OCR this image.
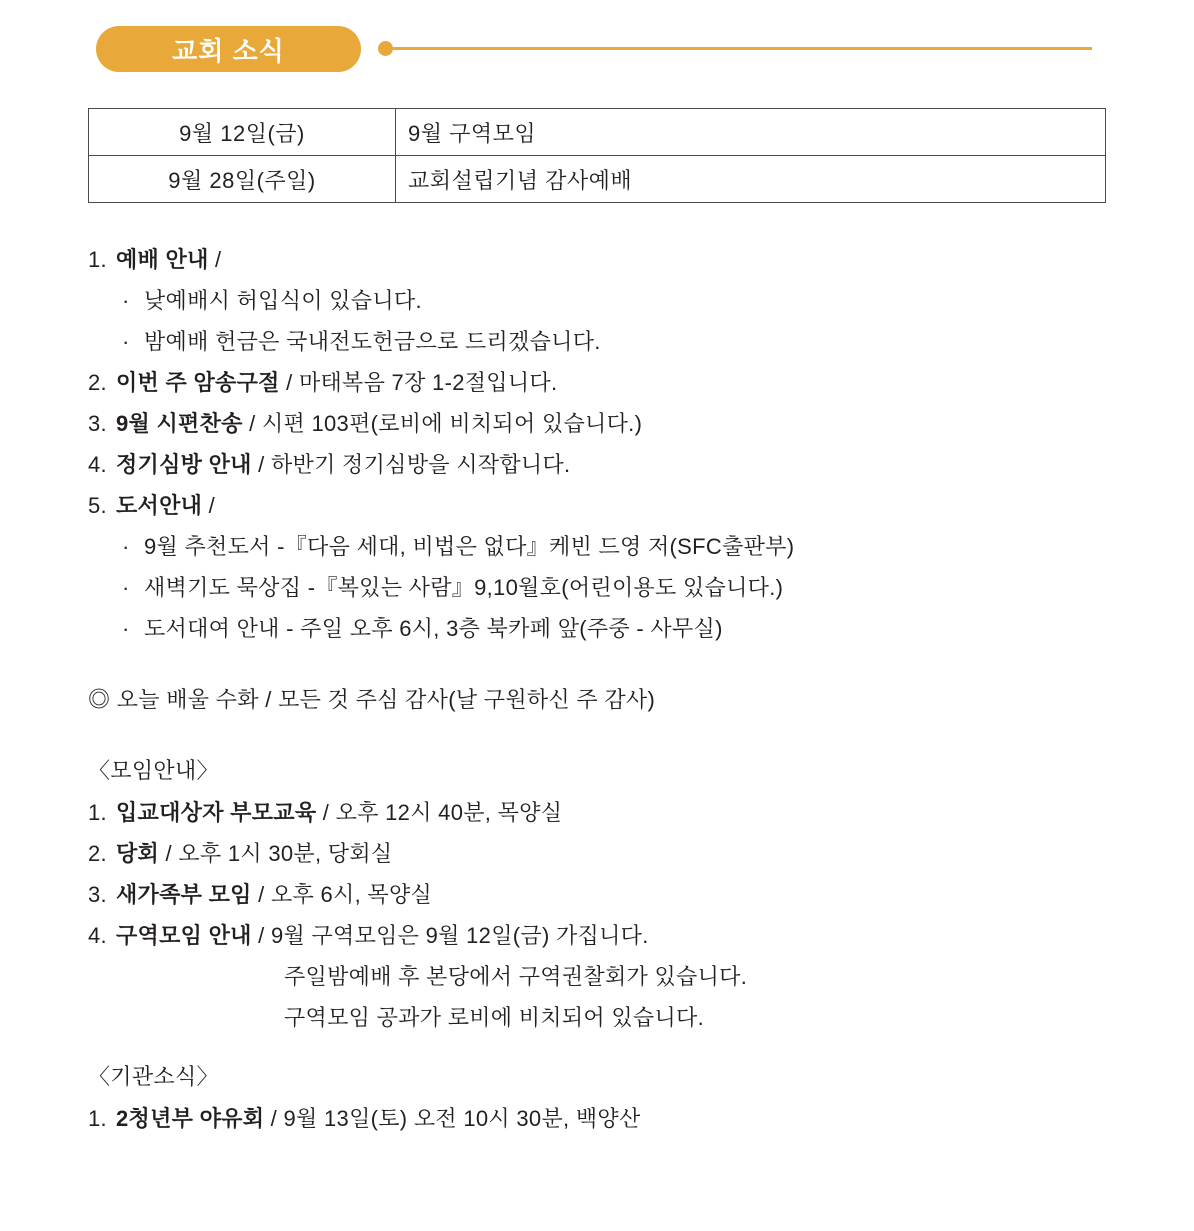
교회 소식
9월 12일(금)	9월 구역모임
9월 28일(주일)	교회설립기념 감사예배
1. 예배 안내 /
· 낮예배시 허입식이 있습니다.
· 밤예배 헌금은 국내전도헌금으로 드리겠습니다.
2. 이번 주 암송구절 / 마태복음 7장 1-2절입니다.
3. 9월 시편찬송 / 시편 103편(로비에 비치되어 있습니다.)
4. 정기심방 안내 / 하반기 정기심방을 시작합니다.
5. 도서안내 /
· 9월 추천도서 -『다음 세대, 비법은 없다』케빈 드영 저(SFC출판부)
· 새벽기도 묵상집 -『복있는 사람』9,10월호(어린이용도 있습니다.)
· 도서대여 안내 - 주일 오후 6시, 3층 북카페 앞(주중 - 사무실)
◎ 오늘 배울 수화 / 모든 것 주심 감사(날 구원하신 주 감사)
〈모임안내〉
1. 입교대상자 부모교육 / 오후 12시 40분, 목양실
2. 당회 / 오후 1시 30분, 당회실
3. 새가족부 모임 / 오후 6시, 목양실
4. 구역모임 안내 / 9월 구역모임은 9월 12일(금) 가집니다.
주일밤예배 후 본당에서 구역권찰회가 있습니다.
구역모임 공과가 로비에 비치되어 있습니다.
〈기관소식〉
1. 2청년부 야유회 / 9월 13일(토) 오전 10시 30분, 백양산
